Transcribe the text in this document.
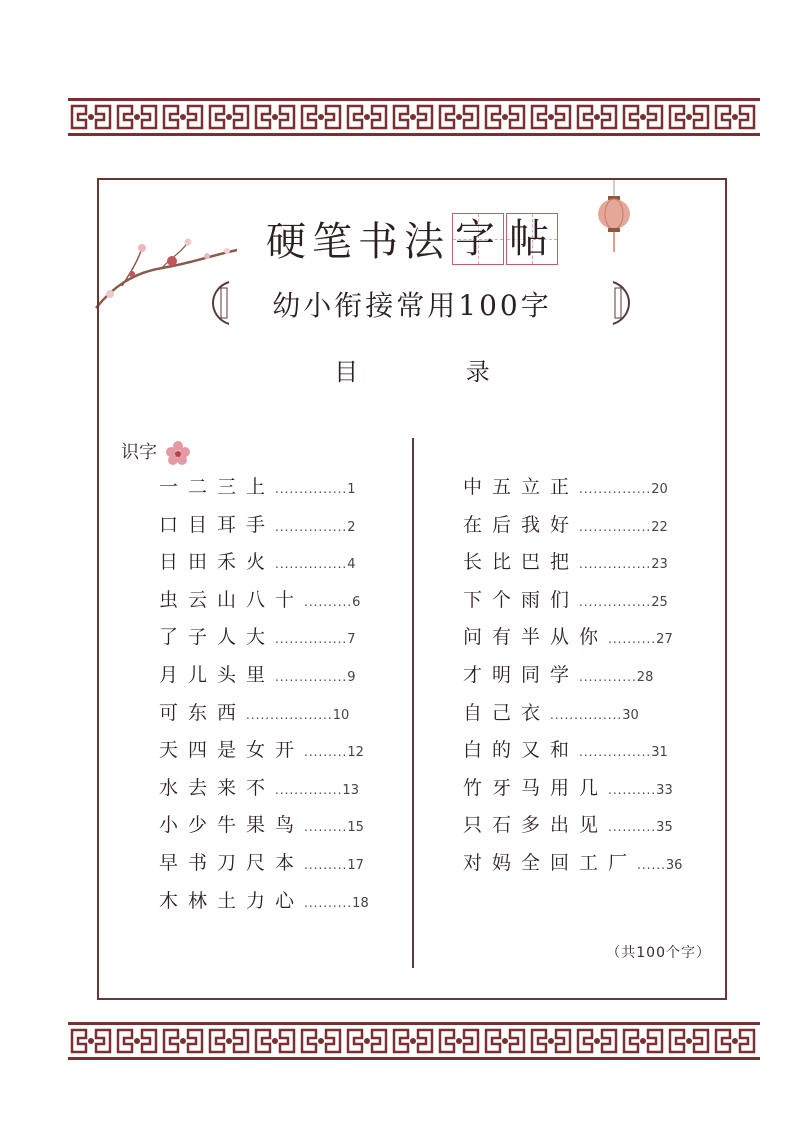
硬 笔 书 法 字 帖
幼小衔接常用100字
目 录
识字
一二三上 ............... 1
口目耳手 ............... 2
日田禾火 ............... 4
虫云山八十 .......... 6
了子人大 ............... 7
月儿头里 ............... 9
可东西 .................. 10
天四是女开 ......... 12
水去来不 .............. 13
小少牛果鸟 ......... 15
早书刀尺本 ......... 17
木林土力心 .......... 18
中五立正 ............... 20
在后我好 ............... 22
长比巴把 ............... 23
下个雨们 ............... 25
问有半从你 .......... 27
才明同学 ............ 28
自己衣 ............... 30
白的又和 ............... 31
竹牙马用几 .......... 33
只石多出见 .......... 35
对妈全回工厂 ...... 36
（共100个字）
